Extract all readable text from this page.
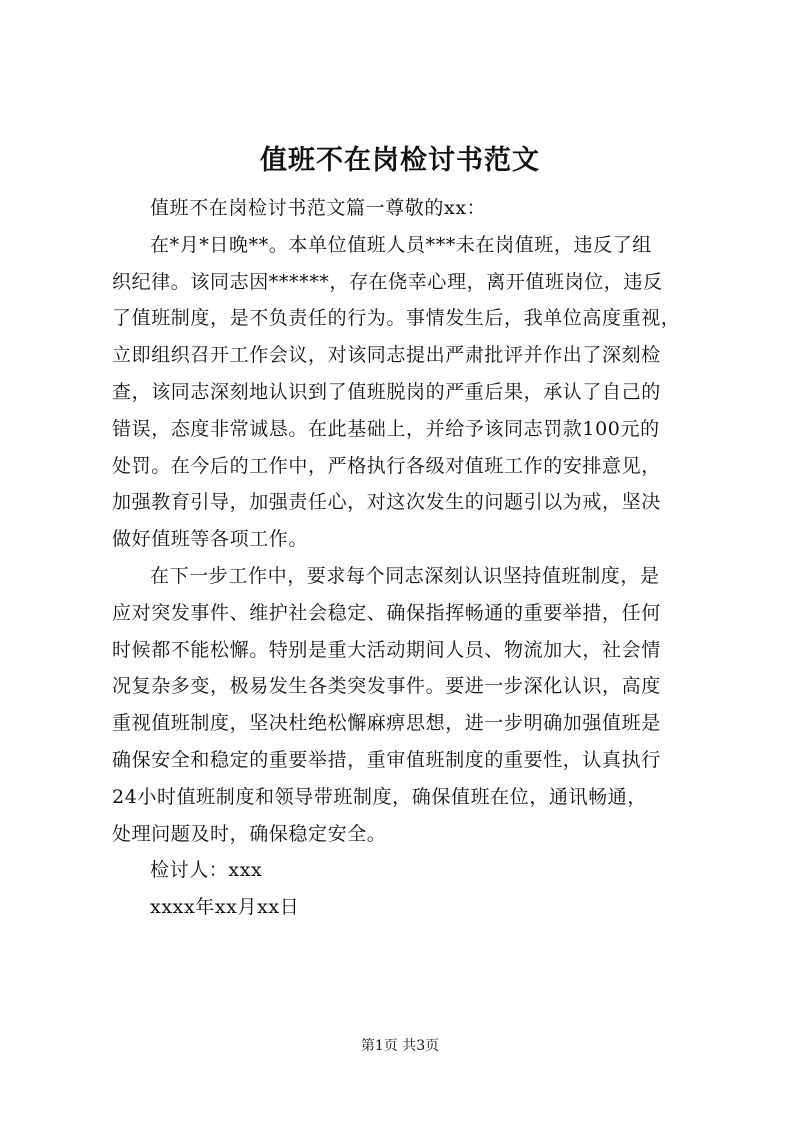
值班不在岗检讨书范文

值班不在岗检讨书范文篇一尊敬的xx：

在*月*日晚**。本单位值班人员***未在岗值班，违反了组
织纪律。该同志因******，存在侥幸心理，离开值班岗位，违反
了值班制度，是不负责任的行为。事情发生后，我单位高度重视，
立即组织召开工作会议，对该同志提出严肃批评并作出了深刻检
查，该同志深刻地认识到了值班脱岗的严重后果，承认了自己的
错误，态度非常诚恳。在此基础上，并给予该同志罚款100元的
处罚。在今后的工作中，严格执行各级对值班工作的安排意见，
加强教育引导，加强责任心，对这次发生的问题引以为戒，坚决
做好值班等各项工作。

在下一步工作中，要求每个同志深刻认识坚持值班制度，是
应对突发事件、维护社会稳定、确保指挥畅通的重要举措，任何
时候都不能松懈。特别是重大活动期间人员、物流加大，社会情
况复杂多变，极易发生各类突发事件。要进一步深化认识，高度
重视值班制度，坚决杜绝松懈麻痹思想，进一步明确加强值班是
确保安全和稳定的重要举措，重审值班制度的重要性，认真执行
24小时值班制度和领导带班制度，确保值班在位，通讯畅通，
处理问题及时，确保稳定安全。

检讨人：xxx

xxxx年xx月xx日

第1页 共3页
